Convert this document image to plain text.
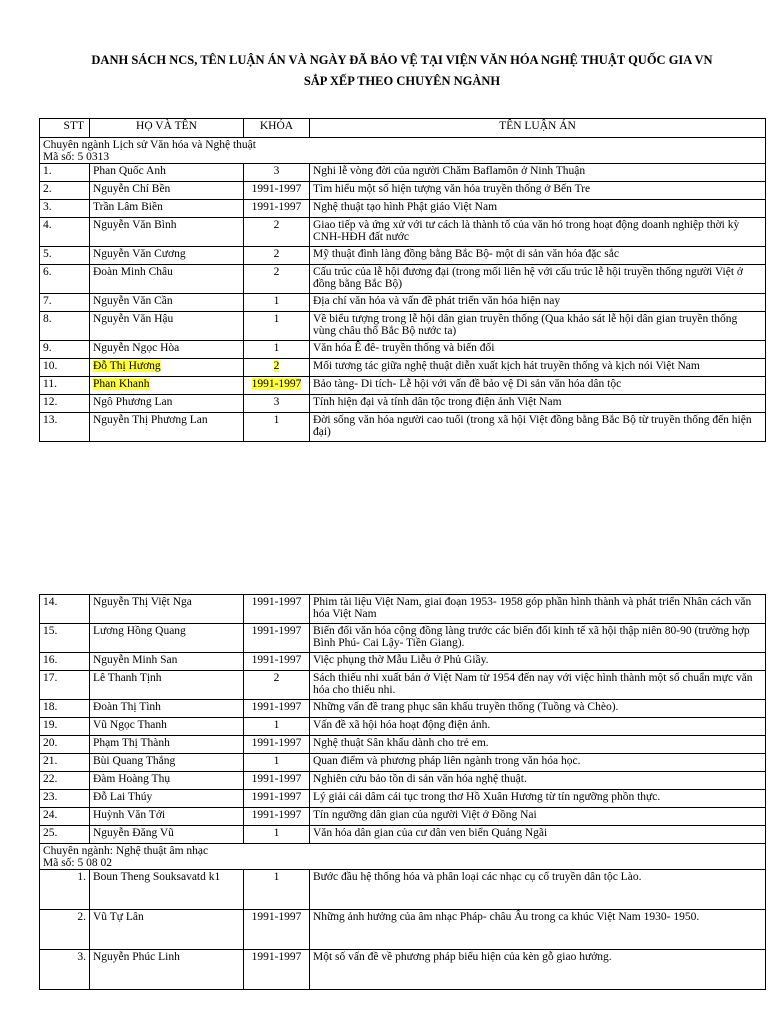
DANH SÁCH NCS, TÊN LUẬN ÁN VÀ NGÀY ĐÃ BẢO VỆ TẠI VIỆN VĂN HÓA NGHỆ THUẬT QUỐC GIA VN
SẮP XẾP THEO CHUYÊN NGÀNH
STT	HỌ VÀ TÊN	KHÓA	TÊN LUẬN ÁN

Chuyên ngành Lịch sử Văn hóa và Nghệ thuật
Mã số: 5 0313			

1.	Phan Quốc Anh	3	Nghi lễ vòng đời của người Chăm Baflamôn ở Ninh Thuận
2.	Nguyễn Chí Bền	1991-1997	Tìm hiểu một số hiện tượng văn hóa truyền thống ở Bến Tre
3.	Trần Lâm Biền	1991-1997	Nghệ thuật tạo hình Phật giáo Việt Nam
4.	Nguyễn Văn Bình	2	Giao tiếp và ứng xử với tư cách là thành tố của văn hó trong hoạt động doanh nghiệp thời kỳ CNH-HĐH đất nước
5.	Nguyễn Văn Cương	2	Mỹ thuật đình làng đồng bằng Bắc Bộ- một di sản văn hóa đặc sắc
6.	Đoàn Minh Châu	2	Cấu trúc của lễ hội đương đại (trong mối liên hệ với cấu trúc lễ hội truyền thống người Việt ở đồng bằng Bắc Bộ)
7.	Nguyễn Văn Cần	1	Địa chí văn hóa và vấn đề phát triển văn hóa hiện nay
8.	Nguyễn Văn Hậu	1	Về biểu tượng trong lễ hội dân gian truyền thống (Qua khảo sát lễ hội dân gian truyền thống vùng châu thổ Bắc Bộ nước ta)
9.	Nguyễn Ngọc Hòa	1	Văn hóa Ê đê- truyền thống và biến đổi
10.	Đỗ Thị Hương	2	Mối tương tác giữa nghệ thuật diễn xuất kịch hát truyền thống và kịch nói Việt Nam
11.	Phan Khanh	1991-1997	Bảo tàng- Di tích- Lễ hội với vấn đề bảo vệ Di sản văn hóa dân tộc
12.	Ngô Phương Lan	3	Tính hiện đại và tính dân tộc trong điện ảnh Việt Nam
13.	Nguyễn Thị Phương Lan	1	Đời sống văn hóa người cao tuổi (trong xã hội Việt đồng bằng Bắc Bộ từ truyền thống đến hiện đại)
14.	Nguyễn Thị Việt Nga	1991-1997	Phim tài liệu Việt Nam, giai đoạn 1953- 1958 góp phần hình thành và phát triển Nhân cách văn hóa Việt Nam
15.	Lương Hồng Quang	1991-1997	Biến đổi văn hóa cộng đồng làng trước các biến đổi kinh tế xã hội thập niên 80-90 (trường hợp Bình Phú- Cai Lậy- Tiền Giang).
16.	Nguyễn Minh San	1991-1997	Việc phụng thờ Mẫu Liễu ở Phủ Giầy.
17.	Lê Thanh Tịnh	2	Sách thiếu nhi xuất bản ở Việt Nam từ 1954 đến nay với việc hình thành một số chuẩn mực văn hóa cho thiếu nhi.
18.	Đoàn Thị Tình	1991-1997	Những vấn đề trang phục sân khấu truyền thống (Tuồng và Chèo).
19.	Vũ Ngọc Thanh	1	Vấn đề xã hội hóa hoạt động điện ảnh.
20.	Phạm Thị Thành	1991-1997	Nghệ thuật Sân khấu dành cho trẻ em.
21.	Bùi Quang Thắng	1	Quan điểm và phương pháp liên ngành trong văn hóa học.
22.	Đàm Hoàng Thụ	1991-1997	Nghiên cứu bảo tồn di sản văn hóa nghệ thuật.
23.	Đỗ Lai Thúy	1991-1997	Lý giải cái dâm cái tục trong thơ Hồ Xuân Hương từ tín ngưỡng phồn thực.
24.	Huỳnh Văn Tới	1991-1997	Tín ngưỡng dân gian của người Việt ở Đồng Nai
25.	Nguyễn Đăng Vũ	1	Văn hóa dân gian của cư dân ven biển Quảng Ngãi

Chuyên ngành: Nghệ thuật âm nhạc
Mã số: 5 08 02			

1.	Boun Theng Souksavatd k1	1	Bước đầu hệ thống hóa và phân loại các nhạc cụ cổ truyền dân tộc Lào.
2.	Vũ Tự Lân	1991-1997	Những ảnh hưởng của âm nhạc Pháp- châu Âu trong ca khúc Việt Nam 1930- 1950.
3.	Nguyễn Phúc Linh	1991-1997	Một số vấn đề về phương pháp biểu hiện của kèn gỗ giao hưởng.
